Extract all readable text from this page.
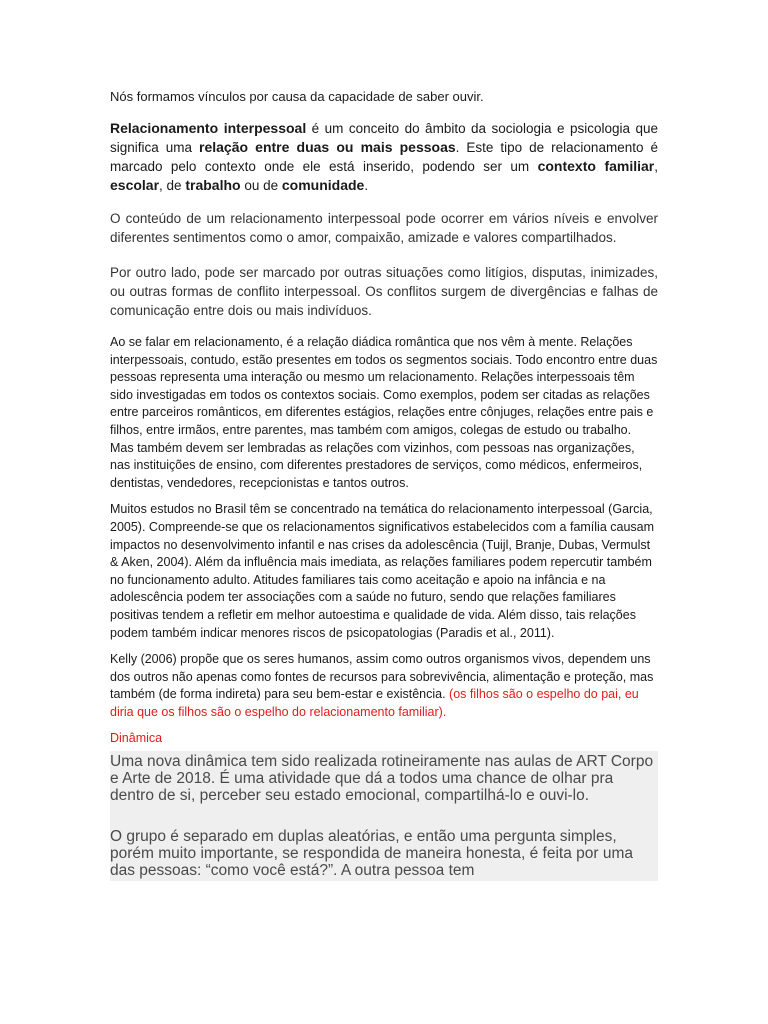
Nós formamos vínculos por causa da capacidade de saber ouvir.

Relacionamento interpessoal é um conceito do âmbito da sociologia e psicologia que significa uma relação entre duas ou mais pessoas. Este tipo de relacionamento é marcado pelo contexto onde ele está inserido, podendo ser um contexto familiar, escolar, de trabalho ou de comunidade.

O conteúdo de um relacionamento interpessoal pode ocorrer em vários níveis e envolver diferentes sentimentos como o amor, compaixão, amizade e valores compartilhados.

Por outro lado, pode ser marcado por outras situações como litígios, disputas, inimizades, ou outras formas de conflito interpessoal. Os conflitos surgem de divergências e falhas de comunicação entre dois ou mais indivíduos.

Ao se falar em relacionamento, é a relação diádica romântica que nos vêm à mente. Relações interpessoais, contudo, estão presentes em todos os segmentos sociais. Todo encontro entre duas pessoas representa uma interação ou mesmo um relacionamento. Relações interpessoais têm sido investigadas em todos os contextos sociais. Como exemplos, podem ser citadas as relações entre parceiros românticos, em diferentes estágios, relações entre cônjuges, relações entre pais e filhos, entre irmãos, entre parentes, mas também com amigos, colegas de estudo ou trabalho. Mas também devem ser lembradas as relações com vizinhos, com pessoas nas organizações, nas instituições de ensino, com diferentes prestadores de serviços, como médicos, enfermeiros, dentistas, vendedores, recepcionistas e tantos outros.

Muitos estudos no Brasil têm se concentrado na temática do relacionamento interpessoal (Garcia, 2005). Compreende-se que os relacionamentos significativos estabelecidos com a família causam impactos no desenvolvimento infantil e nas crises da adolescência (Tuijl, Branje, Dubas, Vermulst & Aken, 2004). Além da influência mais imediata, as relações familiares podem repercutir também no funcionamento adulto. Atitudes familiares tais como aceitação e apoio na infância e na adolescência podem ter associações com a saúde no futuro, sendo que relações familiares positivas tendem a refletir em melhor autoestima e qualidade de vida. Além disso, tais relações podem também indicar menores riscos de psicopatologias (Paradis et al., 2011).

Kelly (2006) propõe que os seres humanos, assim como outros organismos vivos, dependem uns dos outros não apenas como fontes de recursos para sobrevivência, alimentação e proteção, mas também (de forma indireta) para seu bem-estar e existência. (os filhos são o espelho do pai, eu diria que os filhos são o espelho do relacionamento familiar).

Dinâmica

Uma nova dinâmica tem sido realizada rotineiramente nas aulas de ART Corpo e Arte de 2018. É uma atividade que dá a todos uma chance de olhar pra dentro de si, perceber seu estado emocional, compartilhá-lo e ouvi-lo.

O grupo é separado em duplas aleatórias, e então uma pergunta simples, porém muito importante, se respondida de maneira honesta, é feita por uma das pessoas: “como você está?”. A outra pessoa tem
